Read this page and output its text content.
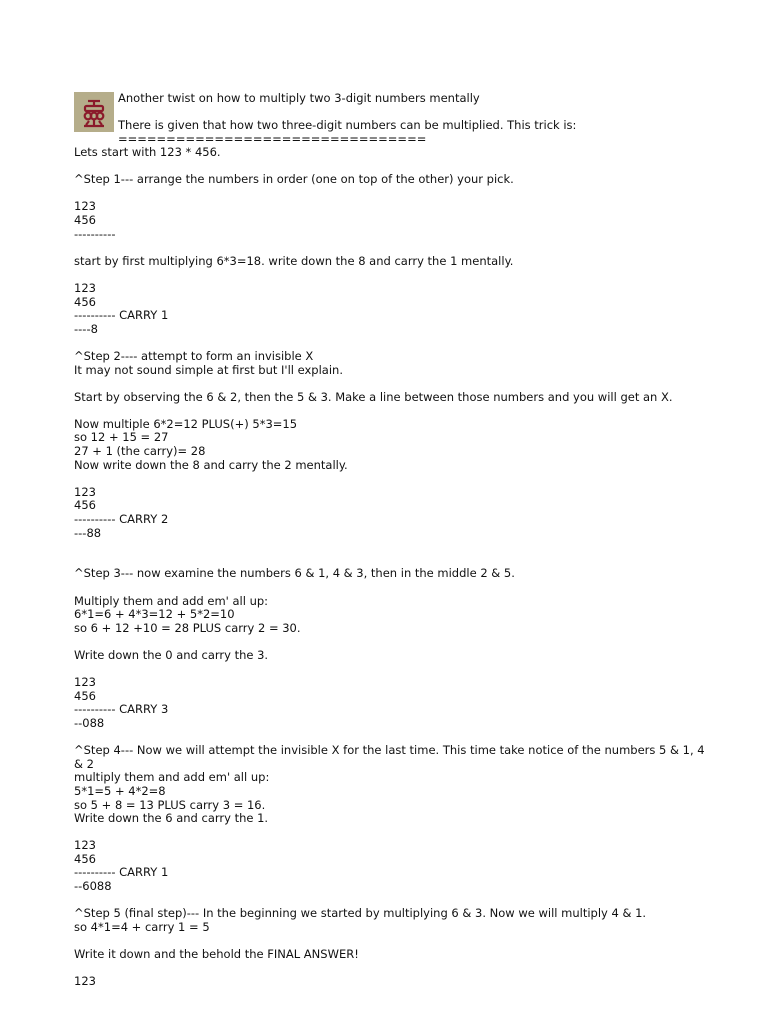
Another twist on how to multiply two 3-digit numbers mentally
There is given that how two three-digit numbers can be multiplied. This trick is:
================================
Lets start with 123 * 456.
^Step 1--- arrange the numbers in order (one on top of the other) your pick.
123
456
----------
start by first multiplying 6*3=18. write down the 8 and carry the 1 mentally.
123
456
---------- CARRY 1
----8
^Step 2---- attempt to form an invisible X
It may not sound simple at first but I'll explain.
Start by observing the 6 & 2, then the 5 & 3. Make a line between those numbers and you will get an X.
Now multiple 6*2=12 PLUS(+) 5*3=15
so 12 + 15 = 27
27 + 1 (the carry)= 28
Now write down the 8 and carry the 2 mentally.
123
456
---------- CARRY 2
---88
^Step 3--- now examine the numbers 6 & 1, 4 & 3, then in the middle 2 & 5.
Multiply them and add em' all up:
6*1=6 + 4*3=12 + 5*2=10
so 6 + 12 +10 = 28 PLUS carry 2 = 30.
Write down the 0 and carry the 3.
123
456
---------- CARRY 3
--088
^Step 4--- Now we will attempt the invisible X for the last time. This time take notice of the numbers 5 & 1, 4
& 2
multiply them and add em' all up:
5*1=5 + 4*2=8
so 5 + 8 = 13 PLUS carry 3 = 16.
Write down the 6 and carry the 1.
123
456
---------- CARRY 1
--6088
^Step 5 (final step)--- In the beginning we started by multiplying 6 & 3. Now we will multiply 4 & 1.
so 4*1=4 + carry 1 = 5
Write it down and the behold the FINAL ANSWER!
123
